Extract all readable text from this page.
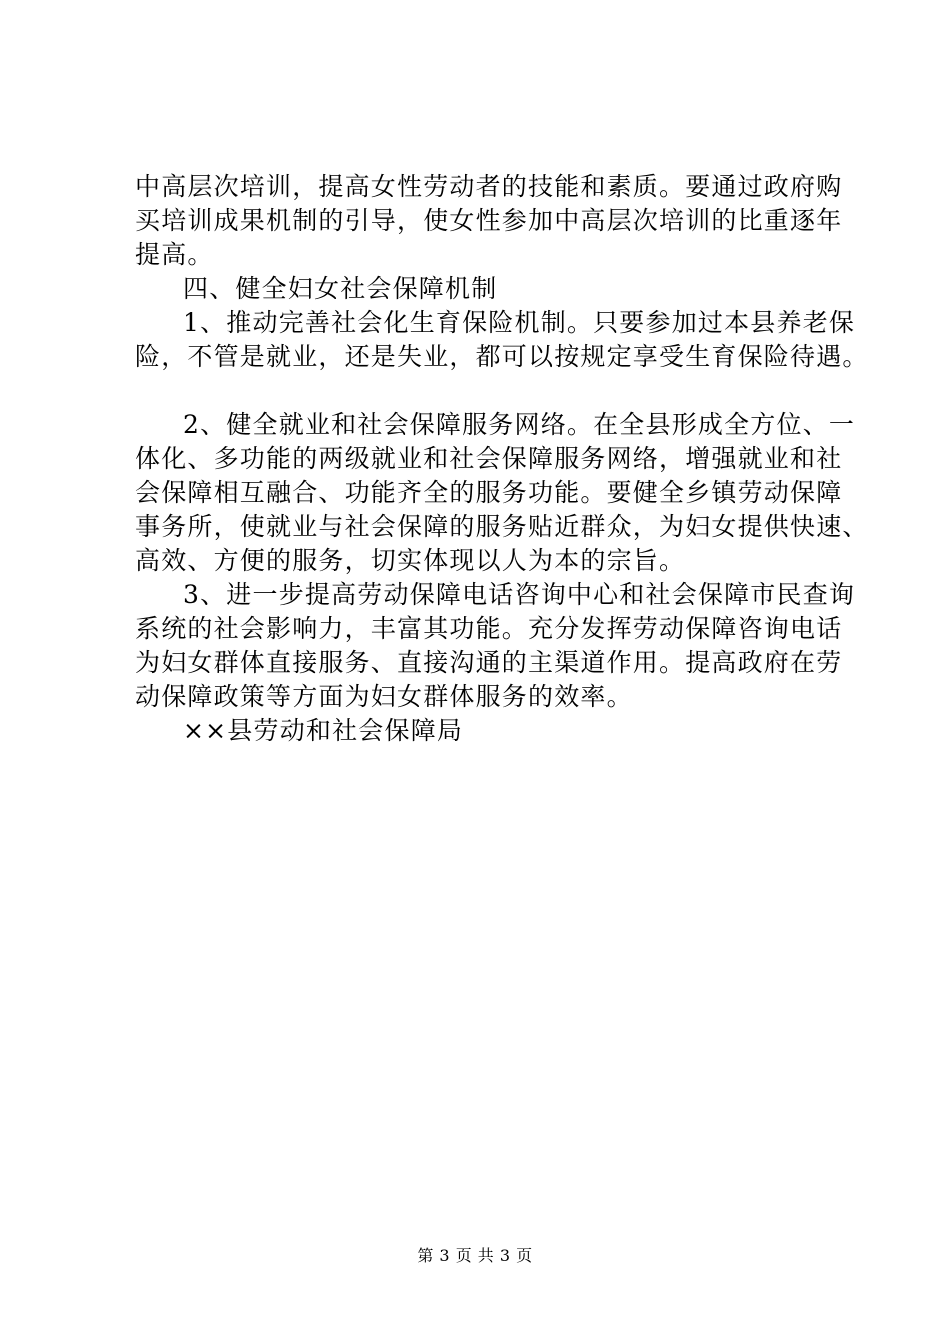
中高层次培训，提高女性劳动者的技能和素质。要通过政府购
买培训成果机制的引导，使女性参加中高层次培训的比重逐年
提高。
四、健全妇女社会保障机制
1、推动完善社会化生育保险机制。只要参加过本县养老保
险，不管是就业，还是失业，都可以按规定享受生育保险待遇。
2、健全就业和社会保障服务网络。在全县形成全方位、一
体化、多功能的两级就业和社会保障服务网络，增强就业和社
会保障相互融合、功能齐全的服务功能。要健全乡镇劳动保障
事务所，使就业与社会保障的服务贴近群众，为妇女提供快速、
高效、方便的服务，切实体现以人为本的宗旨。
3、进一步提高劳动保障电话咨询中心和社会保障市民查询
系统的社会影响力，丰富其功能。充分发挥劳动保障咨询电话
为妇女群体直接服务、直接沟通的主渠道作用。提高政府在劳
动保障政策等方面为妇女群体服务的效率。
××县劳动和社会保障局
第 3 页 共 3 页
